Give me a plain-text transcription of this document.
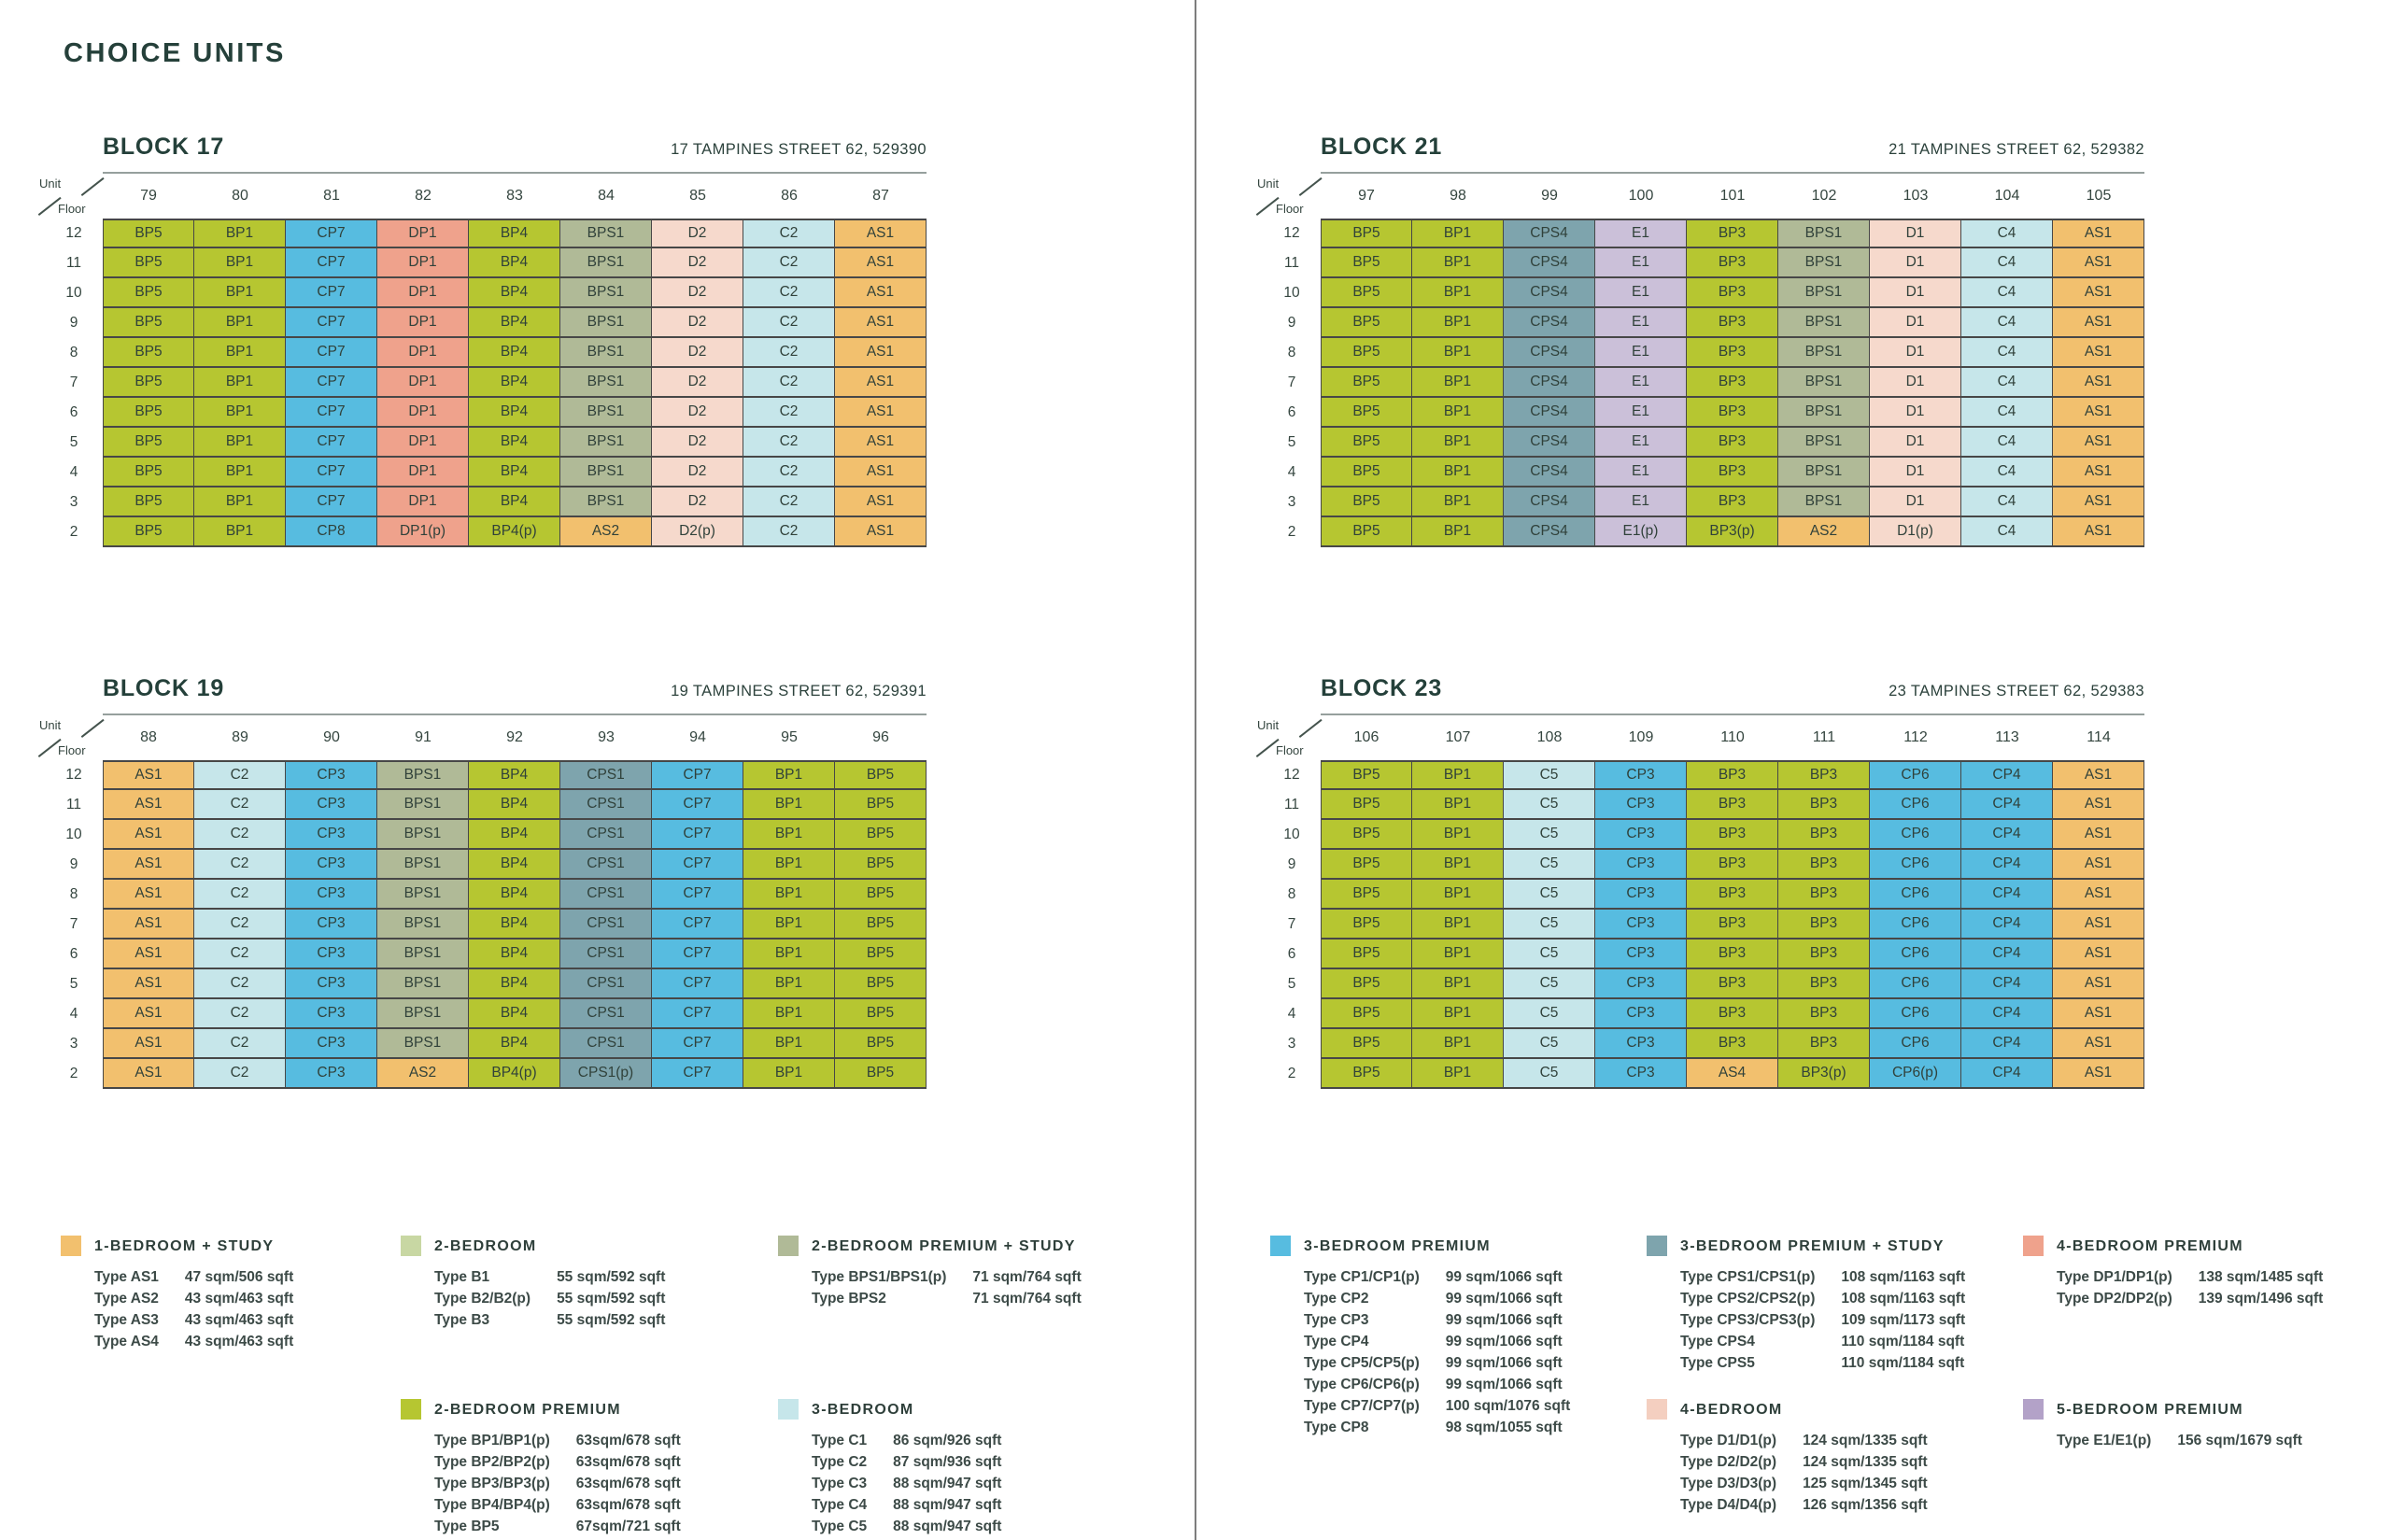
CHOICE UNITS
BLOCK 17	17 TAMPINES STREET 62, 529390
Unit
Floor
79	80	81	82	83	84	85	86	87
12	BP5	BP1	CP7	DP1	BP4	BPS1	D2	C2	AS1
11	BP5	BP1	CP7	DP1	BP4	BPS1	D2	C2	AS1
10	BP5	BP1	CP7	DP1	BP4	BPS1	D2	C2	AS1
9	BP5	BP1	CP7	DP1	BP4	BPS1	D2	C2	AS1
8	BP5	BP1	CP7	DP1	BP4	BPS1	D2	C2	AS1
7	BP5	BP1	CP7	DP1	BP4	BPS1	D2	C2	AS1
6	BP5	BP1	CP7	DP1	BP4	BPS1	D2	C2	AS1
5	BP5	BP1	CP7	DP1	BP4	BPS1	D2	C2	AS1
4	BP5	BP1	CP7	DP1	BP4	BPS1	D2	C2	AS1
3	BP5	BP1	CP7	DP1	BP4	BPS1	D2	C2	AS1
2	BP5	BP1	CP8	DP1(p)	BP4(p)	AS2	D2(p)	C2	AS1
BLOCK 21	21 TAMPINES STREET 62, 529382
Unit
Floor
97	98	99	100	101	102	103	104	105
12	BP5	BP1	CPS4	E1	BP3	BPS1	D1	C4	AS1
11	BP5	BP1	CPS4	E1	BP3	BPS1	D1	C4	AS1
10	BP5	BP1	CPS4	E1	BP3	BPS1	D1	C4	AS1
9	BP5	BP1	CPS4	E1	BP3	BPS1	D1	C4	AS1
8	BP5	BP1	CPS4	E1	BP3	BPS1	D1	C4	AS1
7	BP5	BP1	CPS4	E1	BP3	BPS1	D1	C4	AS1
6	BP5	BP1	CPS4	E1	BP3	BPS1	D1	C4	AS1
5	BP5	BP1	CPS4	E1	BP3	BPS1	D1	C4	AS1
4	BP5	BP1	CPS4	E1	BP3	BPS1	D1	C4	AS1
3	BP5	BP1	CPS4	E1	BP3	BPS1	D1	C4	AS1
2	BP5	BP1	CPS4	E1(p)	BP3(p)	AS2	D1(p)	C4	AS1
BLOCK 19	19 TAMPINES STREET 62, 529391
Unit
Floor
88	89	90	91	92	93	94	95	96
12	AS1	C2	CP3	BPS1	BP4	CPS1	CP7	BP1	BP5
11	AS1	C2	CP3	BPS1	BP4	CPS1	CP7	BP1	BP5
10	AS1	C2	CP3	BPS1	BP4	CPS1	CP7	BP1	BP5
9	AS1	C2	CP3	BPS1	BP4	CPS1	CP7	BP1	BP5
8	AS1	C2	CP3	BPS1	BP4	CPS1	CP7	BP1	BP5
7	AS1	C2	CP3	BPS1	BP4	CPS1	CP7	BP1	BP5
6	AS1	C2	CP3	BPS1	BP4	CPS1	CP7	BP1	BP5
5	AS1	C2	CP3	BPS1	BP4	CPS1	CP7	BP1	BP5
4	AS1	C2	CP3	BPS1	BP4	CPS1	CP7	BP1	BP5
3	AS1	C2	CP3	BPS1	BP4	CPS1	CP7	BP1	BP5
2	AS1	C2	CP3	AS2	BP4(p)	CPS1(p)	CP7	BP1	BP5
BLOCK 23	23 TAMPINES STREET 62, 529383
Unit
Floor
106	107	108	109	110	111	112	113	114
12	BP5	BP1	C5	CP3	BP3	BP3	CP6	CP4	AS1
11	BP5	BP1	C5	CP3	BP3	BP3	CP6	CP4	AS1
10	BP5	BP1	C5	CP3	BP3	BP3	CP6	CP4	AS1
9	BP5	BP1	C5	CP3	BP3	BP3	CP6	CP4	AS1
8	BP5	BP1	C5	CP3	BP3	BP3	CP6	CP4	AS1
7	BP5	BP1	C5	CP3	BP3	BP3	CP6	CP4	AS1
6	BP5	BP1	C5	CP3	BP3	BP3	CP6	CP4	AS1
5	BP5	BP1	C5	CP3	BP3	BP3	CP6	CP4	AS1
4	BP5	BP1	C5	CP3	BP3	BP3	CP6	CP4	AS1
3	BP5	BP1	C5	CP3	BP3	BP3	CP6	CP4	AS1
2	BP5	BP1	C5	CP3	AS4	BP3(p)	CP6(p)	CP4	AS1
1-BEDROOM + STUDY
Type AS1	47 sqm/506 sqft
Type AS2	43 sqm/463 sqft
Type AS3	43 sqm/463 sqft
Type AS4	43 sqm/463 sqft
2-BEDROOM
Type B1	55 sqm/592 sqft
Type B2/B2(p)	55 sqm/592 sqft
Type B3	55 sqm/592 sqft
2-BEDROOM PREMIUM + STUDY
Type BPS1/BPS1(p)	71 sqm/764 sqft
Type BPS2	71 sqm/764 sqft
2-BEDROOM PREMIUM
Type BP1/BP1(p)	63sqm/678 sqft
Type BP2/BP2(p)	63sqm/678 sqft
Type BP3/BP3(p)	63sqm/678 sqft
Type BP4/BP4(p)	63sqm/678 sqft
Type BP5	67sqm/721 sqft
3-BEDROOM
Type C1	86 sqm/926 sqft
Type C2	87 sqm/936 sqft
Type C3	88 sqm/947 sqft
Type C4	88 sqm/947 sqft
Type C5	88 sqm/947 sqft
3-BEDROOM PREMIUM
Type CP1/CP1(p)	99 sqm/1066 sqft
Type CP2	99 sqm/1066 sqft
Type CP3	99 sqm/1066 sqft
Type CP4	99 sqm/1066 sqft
Type CP5/CP5(p)	99 sqm/1066 sqft
Type CP6/CP6(p)	99 sqm/1066 sqft
Type CP7/CP7(p)	100 sqm/1076 sqft
Type CP8	98 sqm/1055 sqft
3-BEDROOM PREMIUM + STUDY
Type CPS1/CPS1(p)	108 sqm/1163 sqft
Type CPS2/CPS2(p)	108 sqm/1163 sqft
Type CPS3/CPS3(p)	109 sqm/1173 sqft
Type CPS4	110 sqm/1184 sqft
Type CPS5	110 sqm/1184 sqft
4-BEDROOM PREMIUM
Type DP1/DP1(p)	138 sqm/1485 sqft
Type DP2/DP2(p)	139 sqm/1496 sqft
4-BEDROOM
Type D1/D1(p)	124 sqm/1335 sqft
Type D2/D2(p)	124 sqm/1335 sqft
Type D3/D3(p)	125 sqm/1345 sqft
Type D4/D4(p)	126 sqm/1356 sqft
5-BEDROOM PREMIUM
Type E1/E1(p)	156 sqm/1679 sqft
